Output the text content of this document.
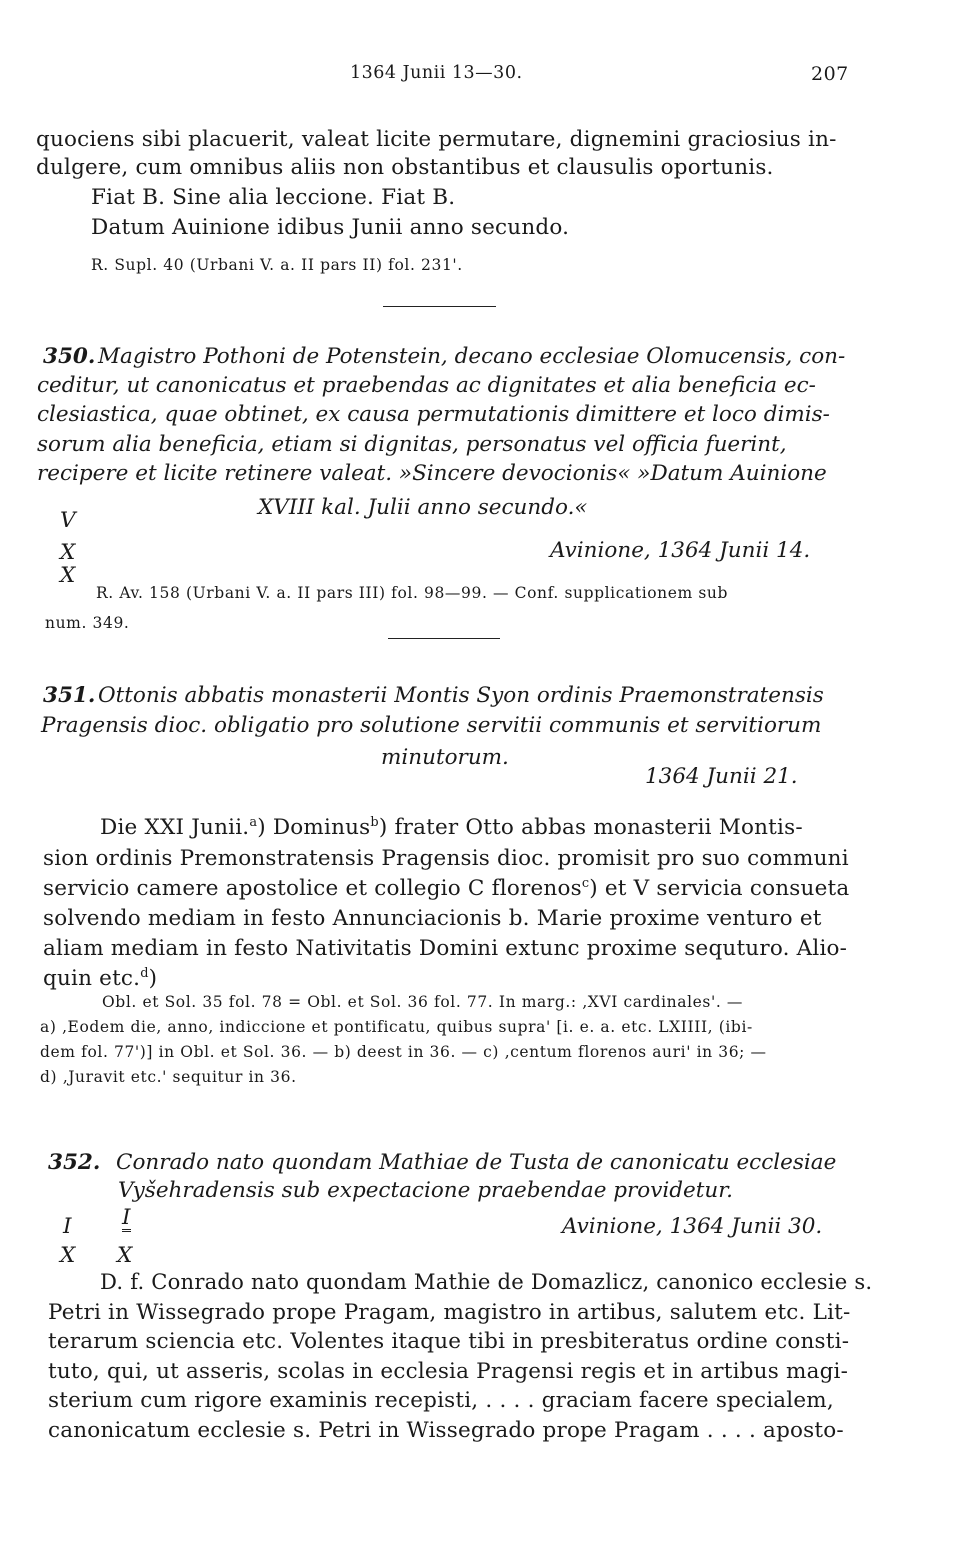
1364 Junii 13—30.	207
quociens sibi placuerit, valeat licite permutare, dignemini graciosius in-
dulgere, cum omnibus aliis non obstantibus et clausulis oportunis.
Fiat B. Sine alia leccione. Fiat B.
Datum Auinione idibus Junii anno secundo.
R. Supl. 40 (Urbani V. a. II pars II) fol. 231'.
350. Magistro Pothoni de Potenstein, decano ecclesiae Olomucensis, con-
ceditur, ut canonicatus et praebendas ac dignitates et alia beneficia ec-
clesiastica, quae obtinet, ex causa permutationis dimittere et loco dimis-
sorum alia beneficia, etiam si dignitas, personatus vel officia fuerint,
recipere et licite retinere valeat. »Sincere devocionis« »Datum Auinione
XVIII kal. Julii anno secundo.«
V
X
X
Avinione, 1364 Junii 14.
R. Av. 158 (Urbani V. a. II pars III) fol. 98—99. — Conf. supplicationem sub
num. 349.
351. Ottonis abbatis monasterii Montis Syon ordinis Praemonstratensis
Pragensis dioc. obligatio pro solutione servitii communis et servitiorum
minutorum.
1364 Junii 21.
Die XXI Junii.$^a$) Dominus$^b$) frater Otto abbas monasterii Montis-
sion ordinis Premonstratensis Pragensis dioc. promisit pro suo communi
servicio camere apostolice et collegio C florenos$^c$) et V servicia consueta
solvendo mediam in festo Annunciacionis b. Marie proxime venturo et
aliam mediam in festo Nativitatis Domini extunc proxime sequturo. Alio-
quin etc.$^d$)
Obl. et Sol. 35 fol. 78 = Obl. et Sol. 36 fol. 77. In marg.: ‚XVI cardinales'. —
a) ‚Eodem die, anno, indiccione et pontificatu, quibus supra' [i. e. a. etc. LXIIII, (ibi-
dem fol. 77')] in Obl. et Sol. 36. — b) deest in 36. — c) ‚centum florenos auri' in 36; —
d) ‚Juravit etc.' sequitur in 36.
352. Conrado nato quondam Mathiae de Tusta de canonicatu ecclesiae
Vyšehradensis sub expectacione praebendae providetur.
I I
X X
Avinione, 1364 Junii 30.
D. f. Conrado nato quondam Mathie de Domazlicz, canonico ecclesie s.
Petri in Wissegrado prope Pragam, magistro in artibus, salutem etc. Lit-
terarum sciencia etc. Volentes itaque tibi in presbiteratus ordine consti-
tuto, qui, ut asseris, scolas in ecclesia Pragensi regis et in artibus magi-
sterium cum rigore examinis recepisti, . . . . graciam facere specialem,
canonicatum ecclesie s. Petri in Wissegrado prope Pragam . . . . aposto-
